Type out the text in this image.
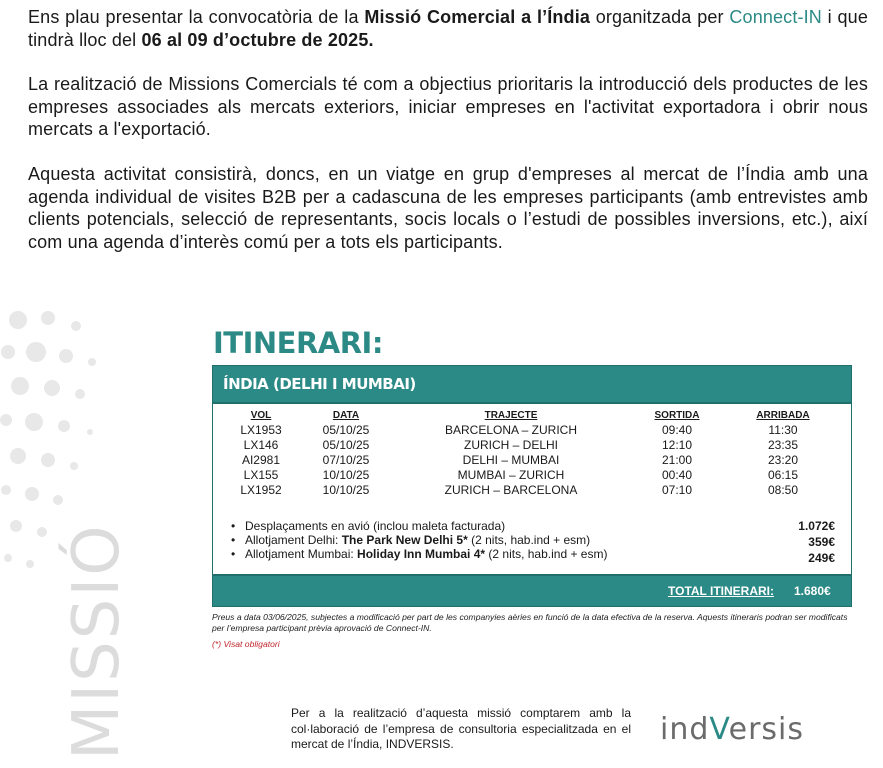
Ens plau presentar la convocatòria de la Missió Comercial a l’Índia organitzada per Connect-IN i que tindrà lloc del 06 al 09 d’octubre de 2025.

La realització de Missions Comercials té com a objectius prioritaris la introducció dels productes de les empreses associades als mercats exteriors, iniciar empreses en l'activitat exportadora i obrir nous mercats a l'exportació.

Aquesta activitat consistirà, doncs, en un viatge en grup d'empreses al mercat de l’Índia amb una agenda individual de visites B2B per a cadascuna de les empreses participants (amb entrevistes amb clients potencials, selecció de representants, socis locals o l’estudi de possibles inversions, etc.), així com una agenda d’interès comú per a tots els participants.

MISSIÓ
ITINERARI:
ÍNDIA (DELHI I MUMBAI)
VOL	DATA	TRAJECTE	SORTIDA	ARRIBADA
LX1953	05/10/25	BARCELONA – ZURICH	09:40	11:30
LX146	05/10/25	ZURICH – DELHI	12:10	23:35
AI2981	07/10/25	DELHI – MUMBAI	21:00	23:20
LX155	10/10/25	MUMBAI – ZURICH	00:40	06:15
LX1952	10/10/25	ZURICH – BARCELONA	07:10	08:50
• Desplaçaments en avió (inclou maleta facturada)	1.072€
• Allotjament Delhi: The Park New Delhi 5* (2 nits, hab.ind + esm)	359€
• Allotjament Mumbai: Holiday Inn Mumbai 4* (2 nits, hab.ind + esm)	249€
TOTAL ITINERARI: 1.680€
Preus a data 03/06/2025, subjectes a modificació per part de les companyies aèries en funció de la data efectiva de la reserva. Aquests itineraris podran ser modificats per l’empresa participant prèvia aprovació de Connect-IN.
(*) Visat obligatori
Per a la realització d’aquesta missió comptarem amb la col·laboració de l’empresa de consultoria especialitzada en el mercat de l’Índia, INDVERSIS.	indVersis
